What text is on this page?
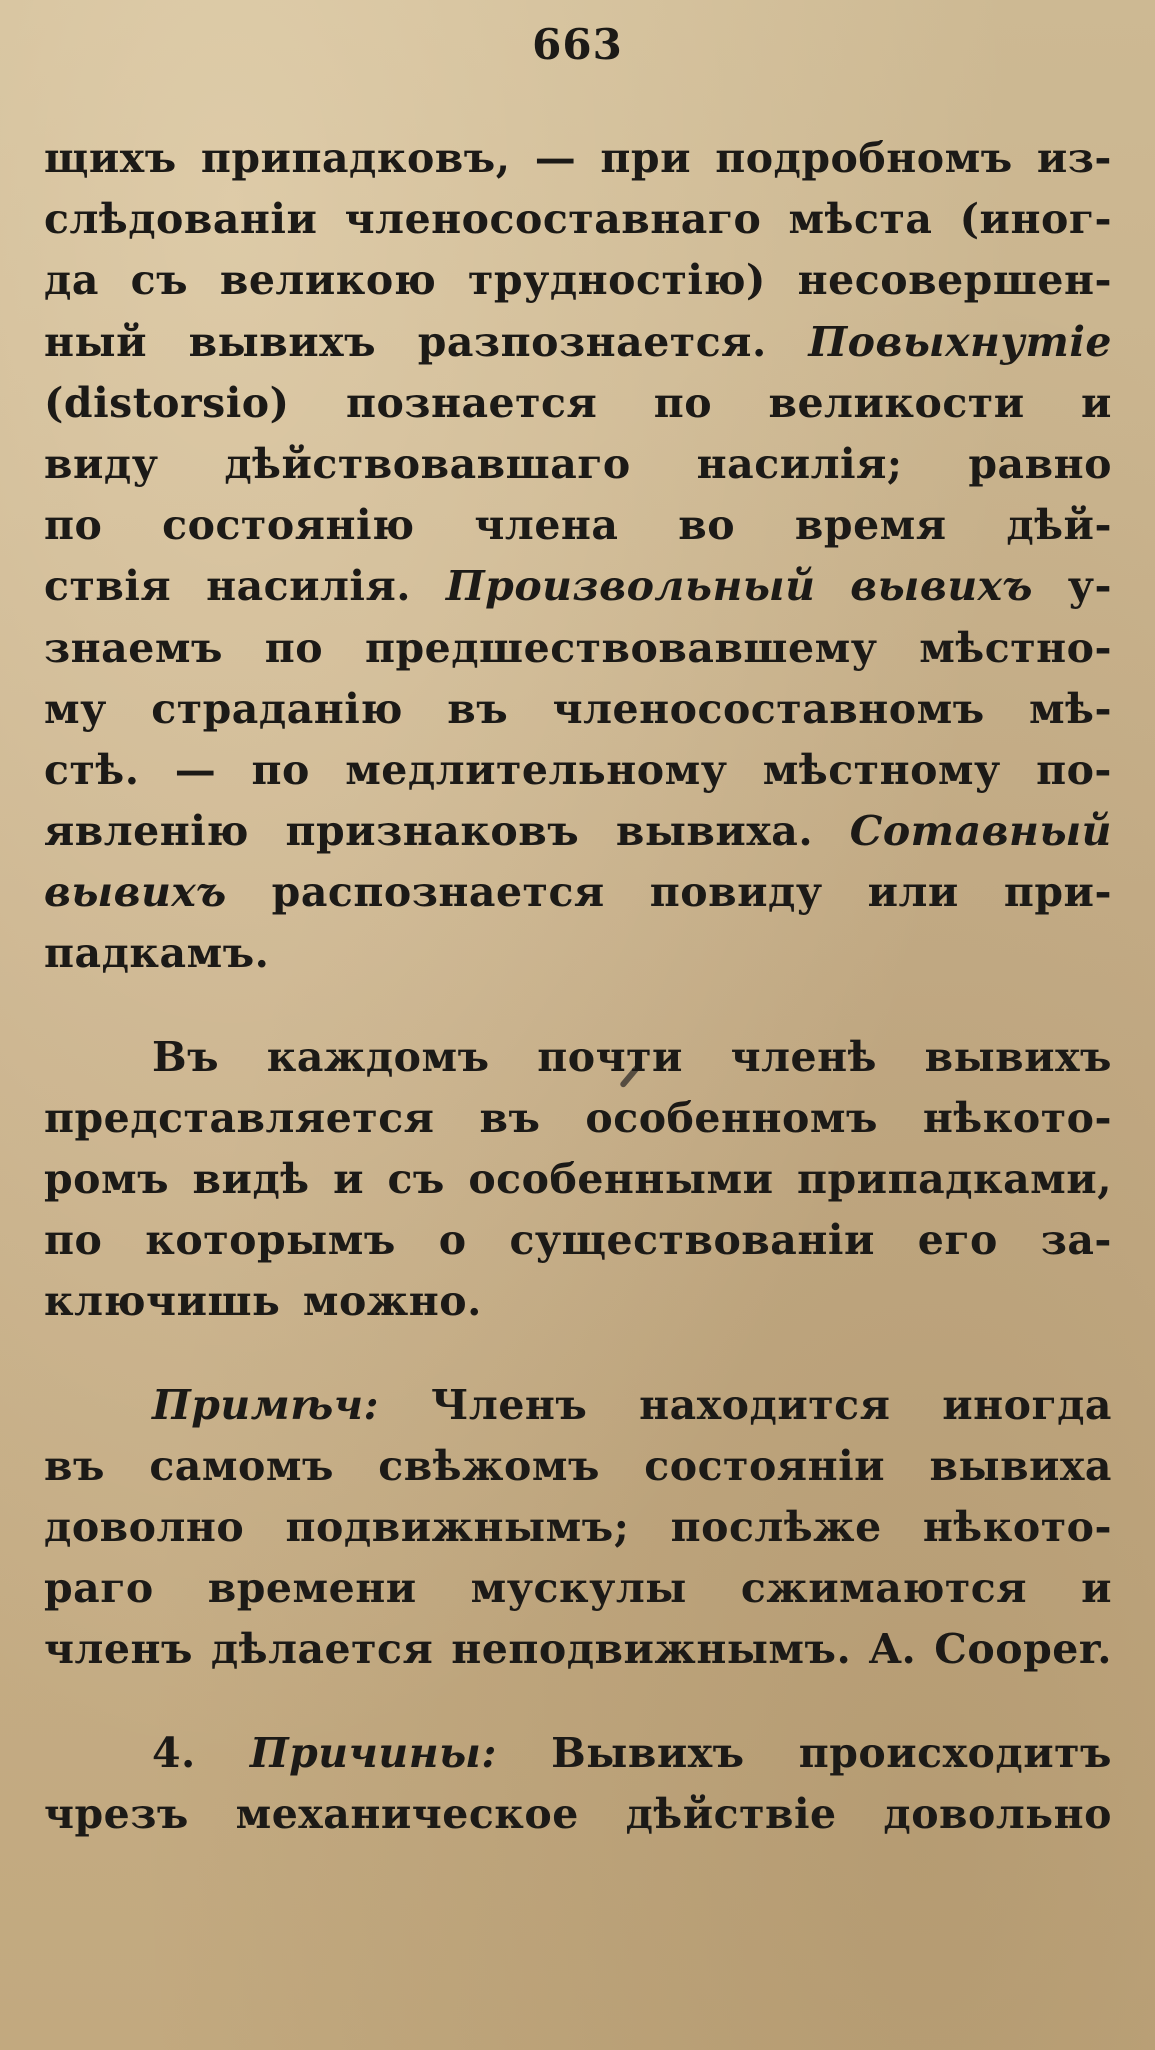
663
щихъ припадковъ, — при подробномъ из-
слѣдованіи членосоставнаго мѣста (иног-
да съ великою трудностію) несовершен-
ный вывихъ разпознается. Повыхнутіе
(distorsio) познается по великости и
виду дѣйствовавшаго насилія; равно
по состоянію члена во время дѣй-
ствія насилія. Произвольный вывихъ у-
знаемъ по предшествовавшему мѣстно-
му страданію въ членосоставномъ мѣ-
стѣ. — по медлительному мѣстному по-
явленію признаковъ вывиха. Сотавный
вывихъ распознается повиду или при-
падкамъ.
Въ каждомъ почти членѣ вывихъ
представляется въ особенномъ нѣкото-
ромъ видѣ и съ особенными припадками,
по которымъ о существованіи его за-
ключишь можно.
Примѣч: Членъ находится иногда
въ самомъ свѣжомъ состояніи вывиха
доволно подвижнымъ; послѣже нѣкото-
раго времени мускулы сжимаются и
членъ дѣлается неподвижнымъ. A. Cooper.
4. Причины: Вывихъ происходитъ
чрезъ механическое дѣйствіе довольно
